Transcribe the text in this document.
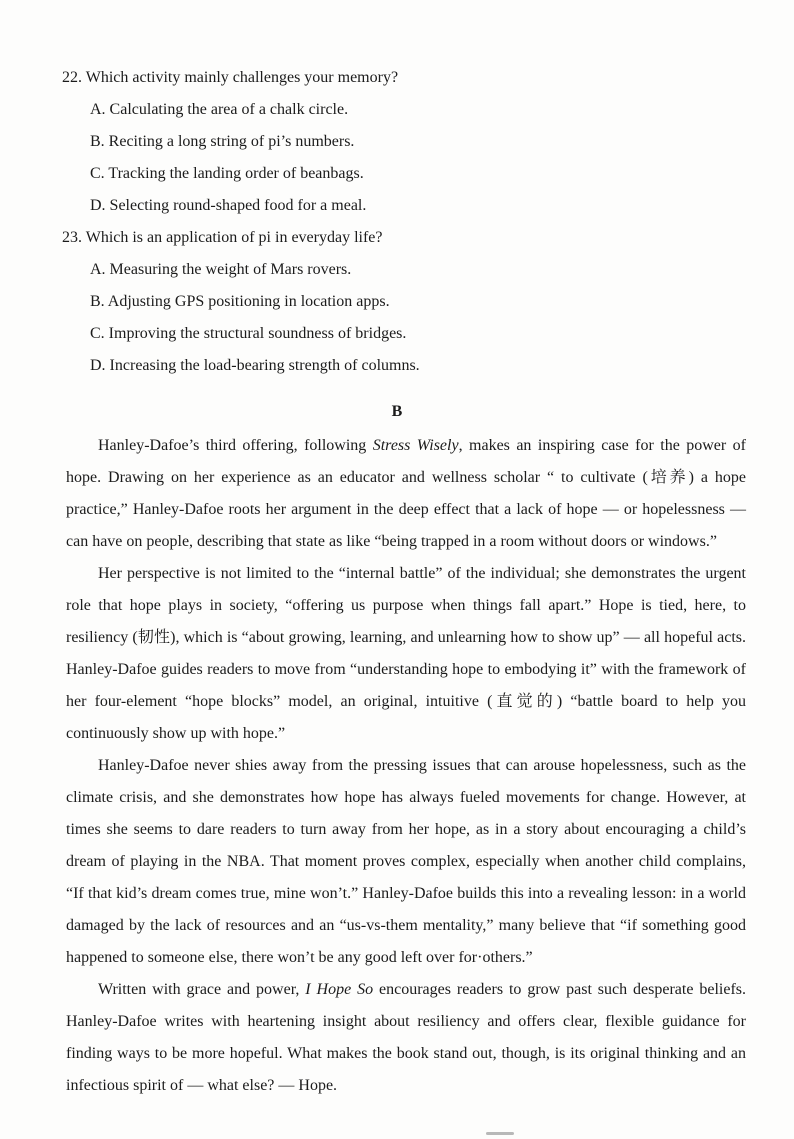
22. Which activity mainly challenges your memory?
A. Calculating the area of a chalk circle.
B. Reciting a long string of pi’s numbers.
C. Tracking the landing order of beanbags.
D. Selecting round-shaped food for a meal.
23. Which is an application of pi in everyday life?
A. Measuring the weight of Mars rovers.
B. Adjusting GPS positioning in location apps.
C. Improving the structural soundness of bridges.
D. Increasing the load-bearing strength of columns.
B

Hanley-Dafoe’s third offering, following Stress Wisely, makes an inspiring case for the power of hope. Drawing on her experience as an educator and wellness scholar “ to cultivate (培养) a hope practice,” Hanley-Dafoe roots her argument in the deep effect that a lack of hope — or hopelessness — can have on people, describing that state as like “being trapped in a room without doors or windows.”

Her perspective is not limited to the “internal battle” of the individual; she demonstrates the urgent role that hope plays in society, “offering us purpose when things fall apart.” Hope is tied, here, to resiliency (韧性), which is “about growing, learning, and unlearning how to show up” — all hopeful acts. Hanley-Dafoe guides readers to move from “understanding hope to embodying it” with the framework of her four-element “hope blocks” model, an original, intuitive (直觉的) “battle board to help you continuously show up with hope.”

Hanley-Dafoe never shies away from the pressing issues that can arouse hopelessness, such as the climate crisis, and she demonstrates how hope has always fueled movements for change. However, at times she seems to dare readers to turn away from her hope, as in a story about encouraging a child’s dream of playing in the NBA. That moment proves complex, especially when another child complains, “If that kid’s dream comes true, mine won’t.” Hanley-Dafoe builds this into a revealing lesson: in a world damaged by the lack of resources and an “us-vs-them mentality,” many believe that “if something good happened to someone else, there won’t be any good left over for·others.”

Written with grace and power, I Hope So encourages readers to grow past such desperate beliefs. Hanley-Dafoe writes with heartening insight about resiliency and offers clear, flexible guidance for finding ways to be more hopeful. What makes the book stand out, though, is its original thinking and an infectious spirit of — what else? — Hope.
